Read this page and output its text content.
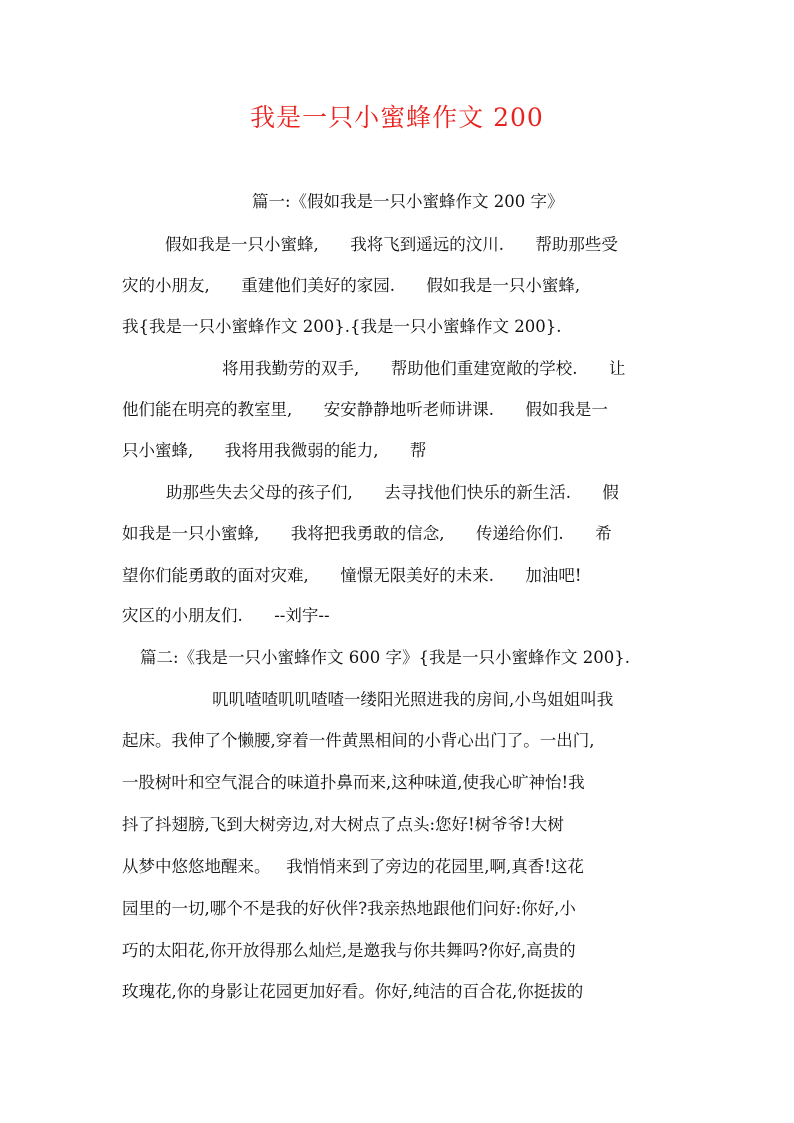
我是一只小蜜蜂作文 200
篇一:《假如我是一只小蜜蜂作文 200 字》
假如我是一只小蜜蜂,      我将飞到遥远的汶川.      帮助那些受
灾的小朋友,      重建他们美好的家园.      假如我是一只小蜜蜂,
我{我是一只小蜜蜂作文 200}.{我是一只小蜜蜂作文 200}.
将用我勤劳的双手,      帮助他们重建宽敞的学校.      让
他们能在明亮的教室里,      安安静静地听老师讲课.      假如我是一
只小蜜蜂,      我将用我微弱的能力,      帮
助那些失去父母的孩子们,      去寻找他们快乐的新生活.      假
如我是一只小蜜蜂,      我将把我勇敢的信念,      传递给你们.      希
望你们能勇敢的面对灾难,      憧憬无限美好的未来.      加油吧!
灾区的小朋友们.      --刘宇--
篇二:《我是一只小蜜蜂作文 600 字》{我是一只小蜜蜂作文 200}.
叽叽喳喳叽叽喳喳一缕阳光照进我的房间,小鸟姐姐叫我
起床。我伸了个懒腰,穿着一件黄黑相间的小背心出门了。一出门,
一股树叶和空气混合的味道扑鼻而来,这种味道,使我心旷神怡!我
抖了抖翅膀,飞到大树旁边,对大树点了点头:您好!树爷爷!大树
从梦中悠悠地醒来。   我悄悄来到了旁边的花园里,啊,真香!这花
园里的一切,哪个不是我的好伙伴?我亲热地跟他们问好:你好,小
巧的太阳花,你开放得那么灿烂,是邀我与你共舞吗?你好,高贵的
玫瑰花,你的身影让花园更加好看。你好,纯洁的百合花,你挺拔的
